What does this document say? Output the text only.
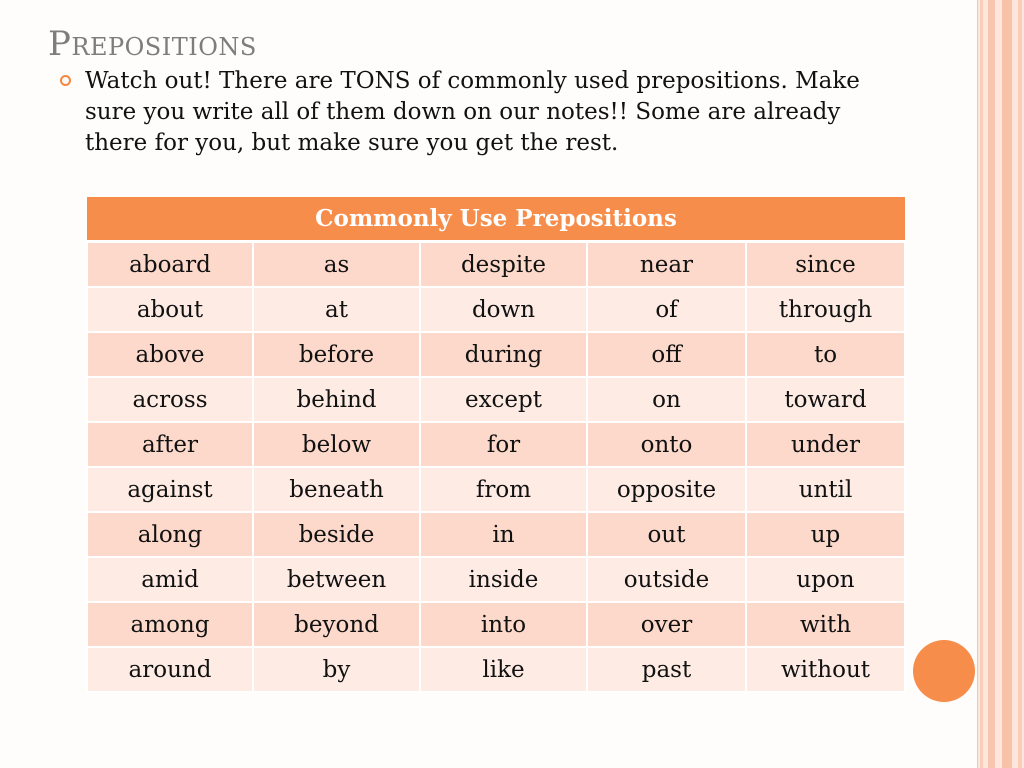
Prepositions
Watch out! There are TONS of commonly used prepositions. Make sure you write all of them down on our notes!! Some are already there for you, but make sure you get the rest.
Commonly Use Prepositions				
aboard	as	despite	near	since
about	at	down	of	through
above	before	during	off	to
across	behind	except	on	toward
after	below	for	onto	under
against	beneath	from	opposite	until
along	beside	in	out	up
amid	between	inside	outside	upon
among	beyond	into	over	with
around	by	like	past	without
